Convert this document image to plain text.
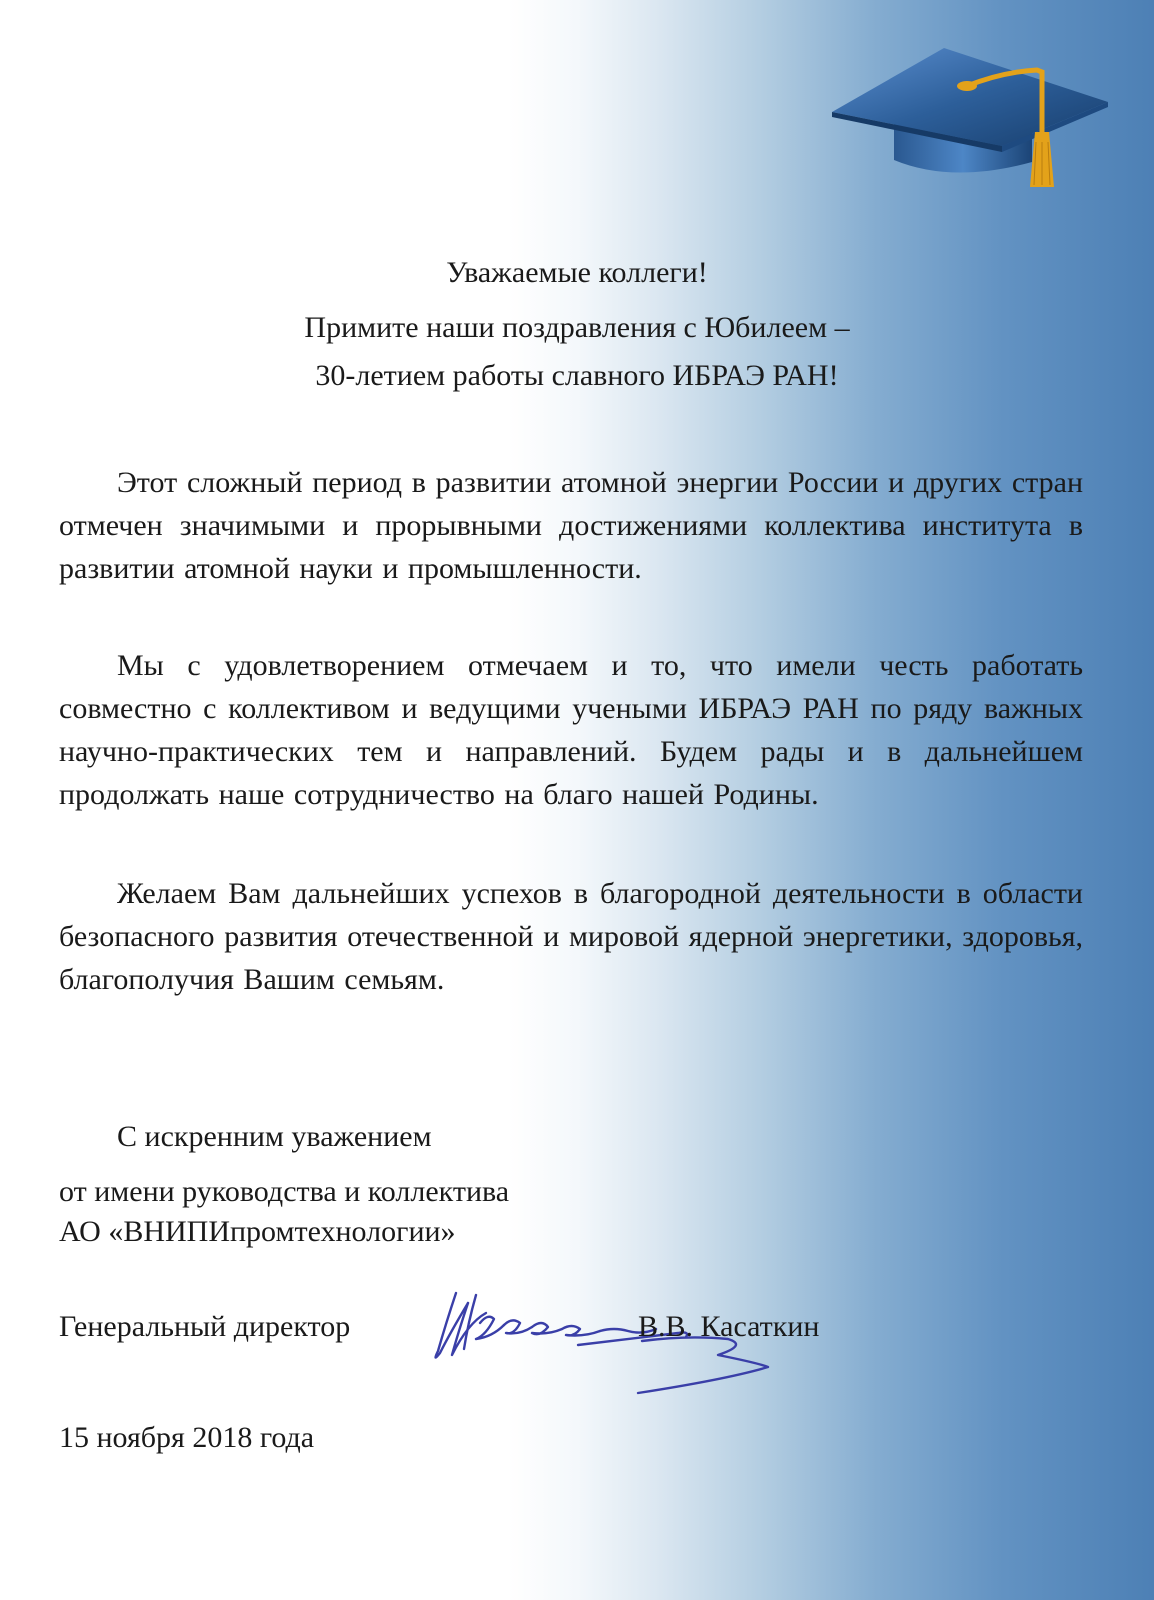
Уважаемые коллеги!
Примите наши поздравления с Юбилеем –
30-летием работы славного ИБРАЭ РАН!
Этот сложный период в развитии атомной энергии России и других стран отмечен значимыми и прорывными достижениями коллектива института в развитии атомной науки и промышленности.
Мы с удовлетворением отмечаем и то, что имели честь работать совместно с коллективом и ведущими учеными ИБРАЭ РАН по ряду важных научно-практических тем и направлений. Будем рады и в дальнейшем продолжать наше сотрудничество на благо нашей Родины.
Желаем Вам дальнейших успехов в благородной деятельности в области безопасного развития отечественной и мировой ядерной энергетики, здоровья, благополучия Вашим семьям.
С искренним уважением
от имени руководства и коллектива
АО «ВНИПИпромтехнологии»
Генеральный директор	В.В. Касаткин
15 ноября 2018 года
